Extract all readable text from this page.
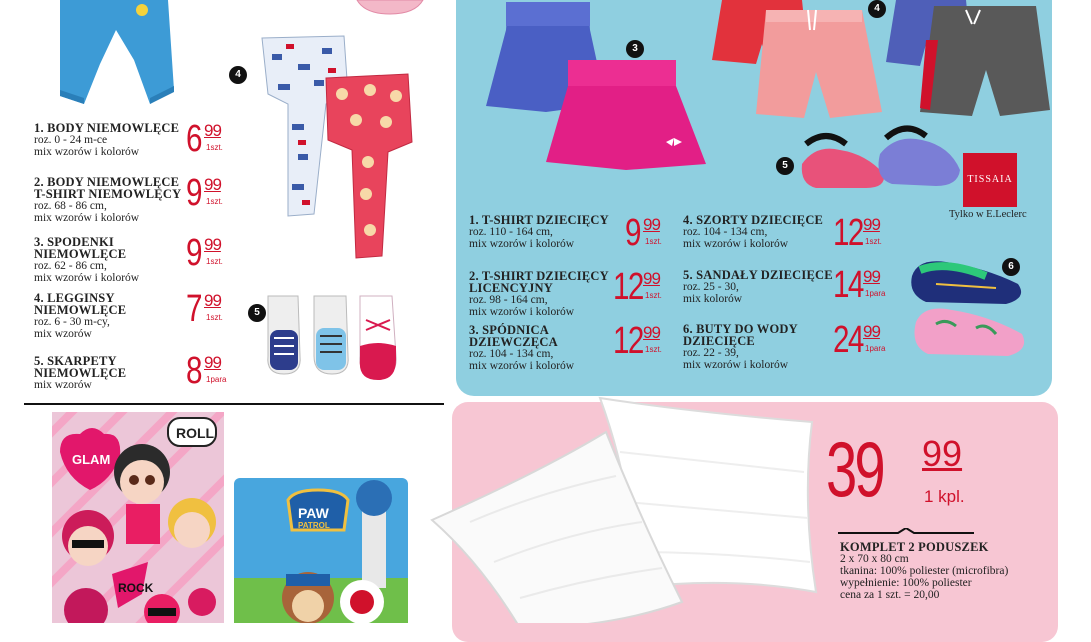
4
5
1. BODY NIEMOWLĘCE
roz. 0 - 24 m-ce
mix wzorów i kolorów	6 99
1szt.
2. BODY NIEMOWLĘCE T-SHIRT NIEMOWLĘCY
roz. 68 - 86 cm,
mix wzorów i kolorów
9 99
1szt.
3. SPODENKI NIEMOWLĘCE
roz. 62 - 86 cm,
mix wzorów i kolorów
9 99
1szt.
4. LEGGINSY NIEMOWLĘCE
roz. 6 - 30 m-cy,
mix wzorów
7 99
1szt.
5. SKARPETY NIEMOWLĘCE
mix wzorów	8 99
1para
GLAM
ROLL
ROCK
PAW
PATROL
3
4
5
TISSAIA
Tylko w E.Leclerc
6
1. T-SHIRT DZIECIĘCY
roz. 110 - 164 cm,
mix wzorów i kolorów	9 99
1szt.
2. T-SHIRT DZIECIĘCY LICENCYJNY
roz. 98 - 164 cm,
mix wzorów i kolorów
12 99
1szt.
3. SPÓDNICA DZIEWCZĘCA
roz. 104 - 134 cm,
mix wzorów i kolorów
12 99
1szt.
4. SZORTY DZIECIĘCE
roz. 104 - 134 cm,
mix wzorów i kolorów	12 99
1szt.
5. SANDAŁY DZIECIĘCE
roz. 25 - 30,
mix kolorów	14 99
1para
6. BUTY DO WODY DZIECIĘCE
roz. 22 - 39,
mix wzorów i kolorów
24 99
1para
39 99
1 kpl.
KOMPLET 2 PODUSZEK
2 x 70 x 80 cm
tkanina: 100% poliester (microfibra)
wypełnienie: 100% poliester
cena za 1 szt. = 20,00
